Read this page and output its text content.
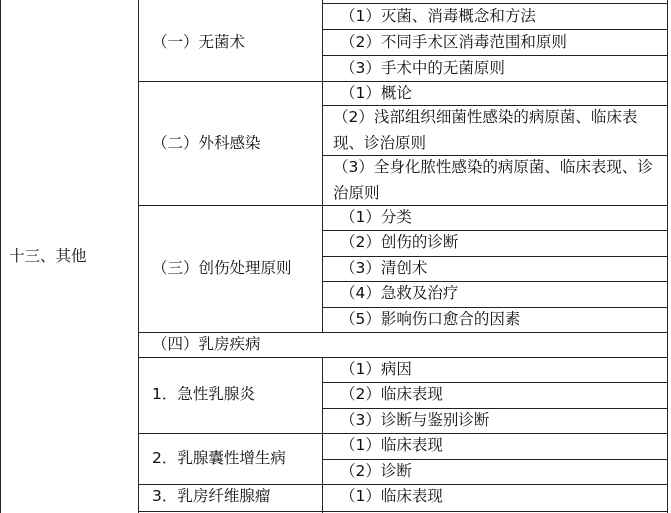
十三、其他
（一）无菌术
（1）灭菌、消毒概念和方法
（2）不同手术区消毒范围和原则
（3）手术中的无菌原则
（二）外科感染
（1）概论
（2）浅部组织细菌性感染的病原菌、临床表现、诊治原则
（3）全身化脓性感染的病原菌、临床表现、诊治原则
（三）创伤处理原则
（1）分类
（2）创伤的诊断
（3）清创术
（4）急救及治疗
（5）影响伤口愈合的因素
（四）乳房疾病
1．急性乳腺炎
（1）病因
（2）临床表现
（3）诊断与鉴别诊断
2．乳腺囊性增生病
（1）临床表现
（2）诊断
3．乳房纤维腺瘤	（1）临床表现
